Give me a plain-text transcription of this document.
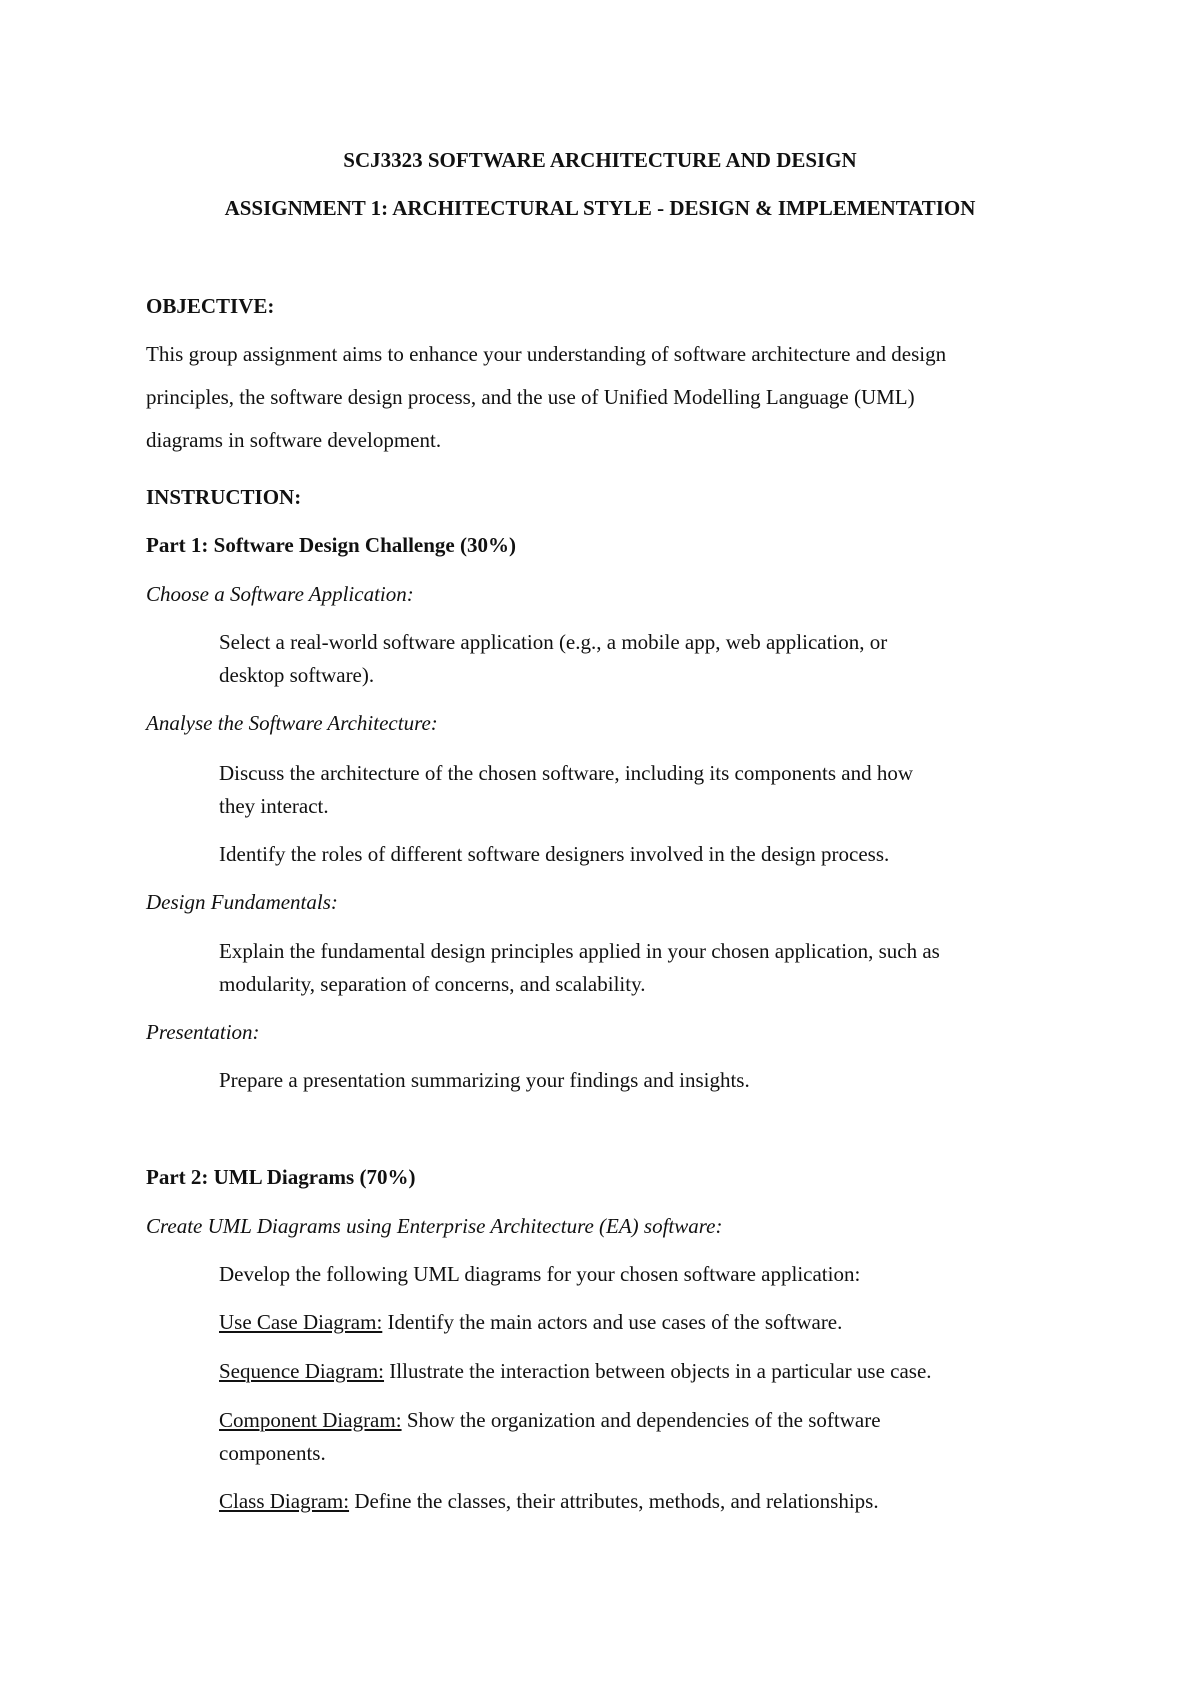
SCJ3323 SOFTWARE ARCHITECTURE AND DESIGN
ASSIGNMENT 1: ARCHITECTURAL STYLE - DESIGN & IMPLEMENTATION
OBJECTIVE:
This group assignment aims to enhance your understanding of software architecture and design
principles, the software design process, and the use of Unified Modelling Language (UML)
diagrams in software development.
INSTRUCTION:
Part 1: Software Design Challenge (30%)
Choose a Software Application:
Select a real-world software application (e.g., a mobile app, web application, or
desktop software).
Analyse the Software Architecture:
Discuss the architecture of the chosen software, including its components and how
they interact.
Identify the roles of different software designers involved in the design process.
Design Fundamentals:
Explain the fundamental design principles applied in your chosen application, such as
modularity, separation of concerns, and scalability.
Presentation:
Prepare a presentation summarizing your findings and insights.
Part 2: UML Diagrams (70%)
Create UML Diagrams using Enterprise Architecture (EA) software:
Develop the following UML diagrams for your chosen software application:
Use Case Diagram: Identify the main actors and use cases of the software.
Sequence Diagram: Illustrate the interaction between objects in a particular use case.
Component Diagram: Show the organization and dependencies of the software
components.
Class Diagram: Define the classes, their attributes, methods, and relationships.
